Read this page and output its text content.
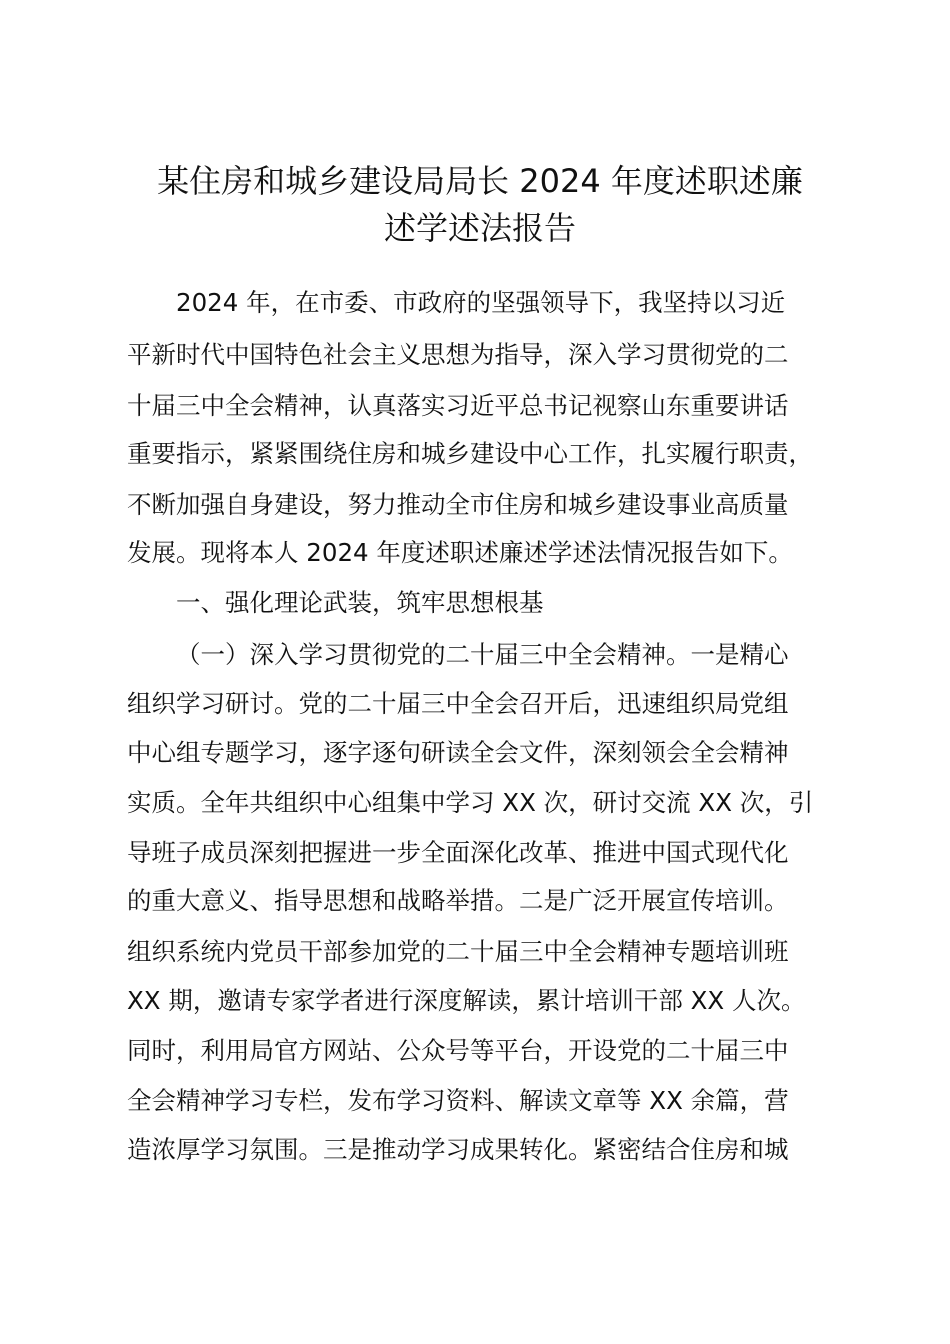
某住房和城乡建设局局长 2024 年度述职述廉
述学述法报告
2024 年，在市委、市政府的坚强领导下，我坚持以习近
平新时代中国特色社会主义思想为指导，深入学习贯彻党的二
十届三中全会精神，认真落实习近平总书记视察山东重要讲话
重要指示，紧紧围绕住房和城乡建设中心工作，扎实履行职责，
不断加强自身建设，努力推动全市住房和城乡建设事业高质量
发展。现将本人 2024 年度述职述廉述学述法情况报告如下。
一、强化理论武装，筑牢思想根基
（一）深入学习贯彻党的二十届三中全会精神。一是精心
组织学习研讨。党的二十届三中全会召开后，迅速组织局党组
中心组专题学习，逐字逐句研读全会文件，深刻领会全会精神
实质。全年共组织中心组集中学习 XX 次，研讨交流 XX 次，引
导班子成员深刻把握进一步全面深化改革、推进中国式现代化
的重大意义、指导思想和战略举措。二是广泛开展宣传培训。
组织系统内党员干部参加党的二十届三中全会精神专题培训班
XX 期，邀请专家学者进行深度解读，累计培训干部 XX 人次。
同时，利用局官方网站、公众号等平台，开设党的二十届三中
全会精神学习专栏，发布学习资料、解读文章等 XX 余篇，营
造浓厚学习氛围。三是推动学习成果转化。紧密结合住房和城
